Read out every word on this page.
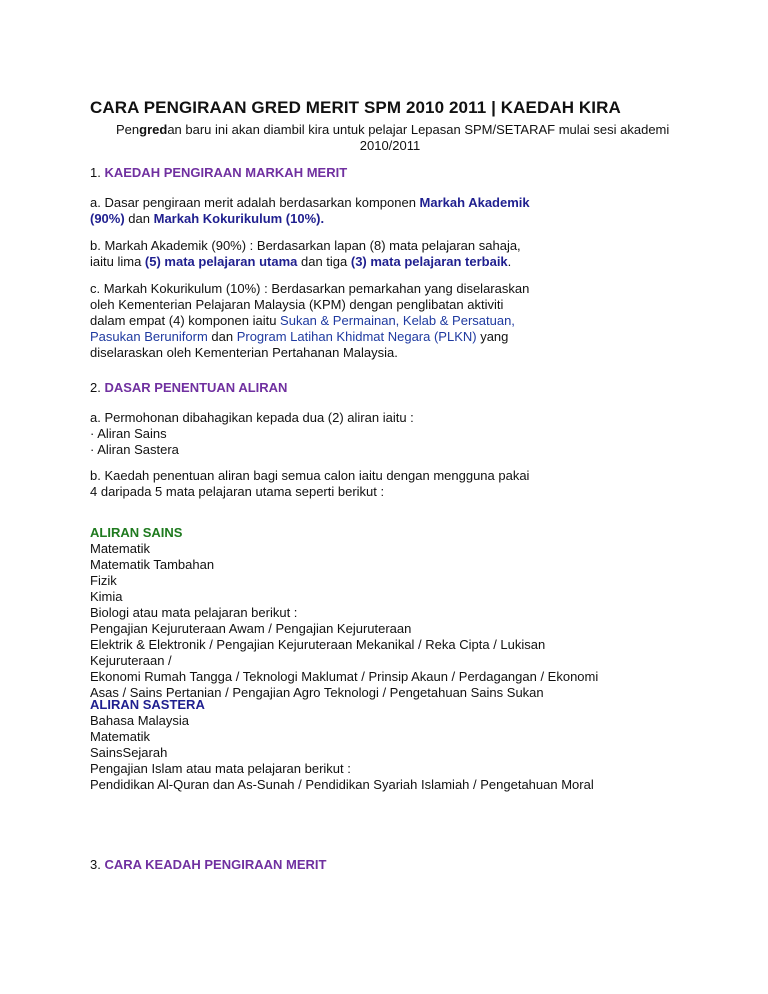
CARA PENGIRAAN GRED MERIT SPM 2010 2011 | KAEDAH KIRA
Pengredan baru ini akan diambil kira untuk pelajar Lepasan SPM/SETARAF mulai sesi akademi
2010/2011
1. KAEDAH PENGIRAAN MARKAH MERIT
a. Dasar pengiraan merit adalah berdasarkan komponen Markah Akademik
(90%) dan Markah Kokurikulum (10%).
b. Markah Akademik (90%) : Berdasarkan lapan (8) mata pelajaran sahaja,
iaitu lima (5) mata pelajaran utama dan tiga (3) mata pelajaran terbaik.
c. Markah Kokurikulum (10%) : Berdasarkan pemarkahan yang diselaraskan
oleh Kementerian Pelajaran Malaysia (KPM) dengan penglibatan aktiviti
dalam empat (4) komponen iaitu Sukan & Permainan, Kelab & Persatuan,
Pasukan Beruniform dan Program Latihan Khidmat Negara (PLKN) yang
diselaraskan oleh Kementerian Pertahanan Malaysia.
2. DASAR PENENTUAN ALIRAN
a. Permohonan dibahagikan kepada dua (2) aliran iaitu :
· Aliran Sains
· Aliran Sastera
b. Kaedah penentuan aliran bagi semua calon iaitu dengan mengguna pakai
4 daripada 5 mata pelajaran utama seperti berikut :
ALIRAN SAINS
Matematik
Matematik Tambahan
Fizik
Kimia
Biologi atau mata pelajaran berikut :
Pengajian Kejuruteraan Awam / Pengajian Kejuruteraan
Elektrik & Elektronik / Pengajian Kejuruteraan Mekanikal / Reka Cipta / Lukisan
Kejuruteraan /
Ekonomi Rumah Tangga / Teknologi Maklumat / Prinsip Akaun / Perdagangan / Ekonomi
Asas / Sains Pertanian / Pengajian Agro Teknologi / Pengetahuan Sains Sukan
ALIRAN SASTERA
Bahasa Malaysia
Matematik
SainsSejarah
Pengajian Islam atau mata pelajaran berikut :
Pendidikan Al-Quran dan As-Sunah / Pendidikan Syariah Islamiah / Pengetahuan Moral
3. CARA KEADAH PENGIRAAN MERIT
